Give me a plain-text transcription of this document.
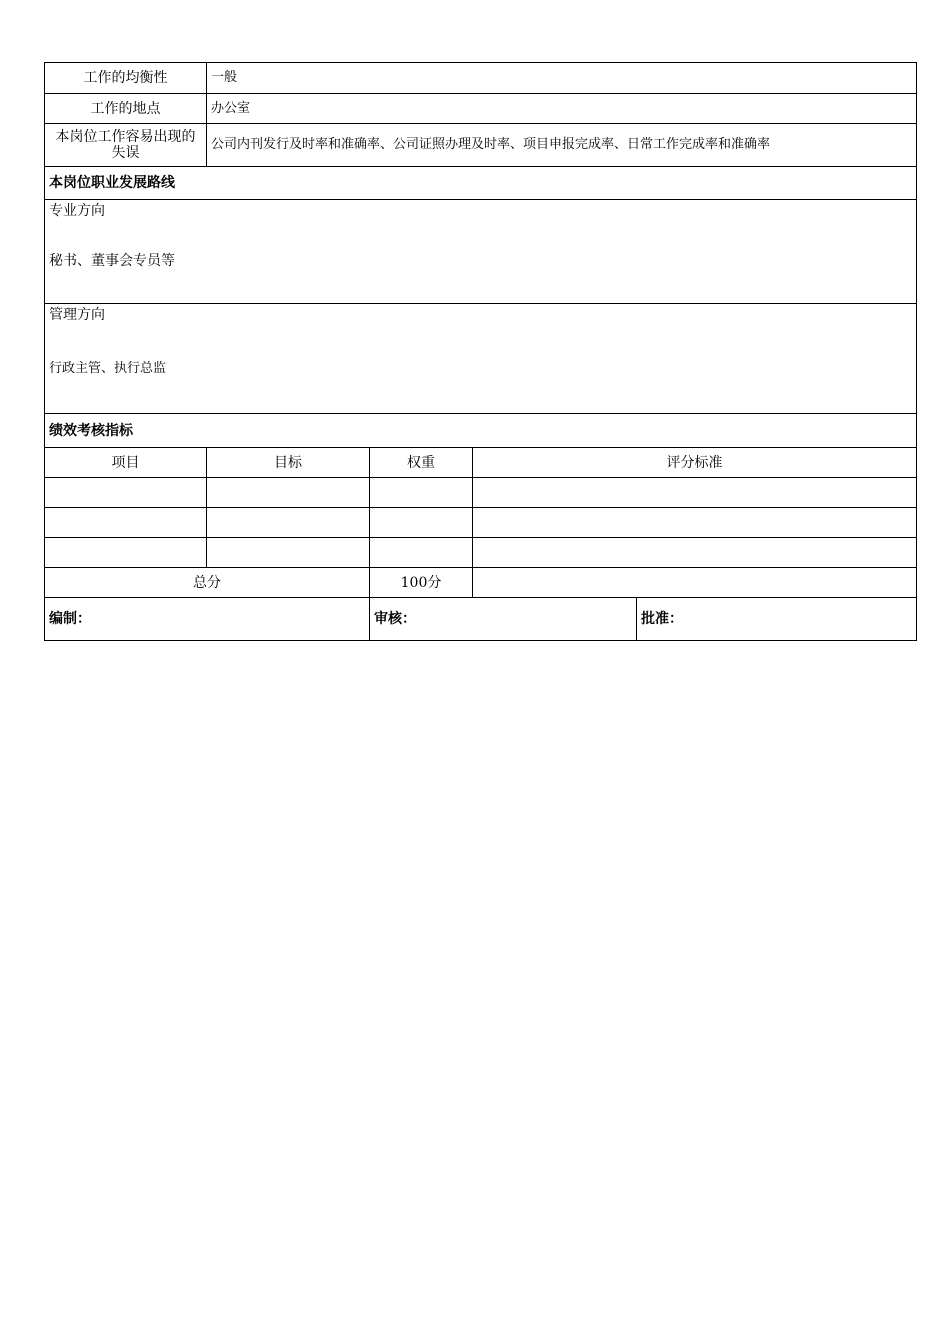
工作的均衡性	一般			
工作的地点	办公室			
本岗位工作容易出现的失误	公司内刊发行及时率和准确率、公司证照办理及时率、项目申报完成率、日常工作完成率和准确率			
本岗位职业发展路线				

专业方向
秘书、董事会专员等				

管理方向
行政主管、执行总监				

绩效考核指标				
项目	目标	权重	评分标准	

总分		100分		
编制：		审核：		批准：
